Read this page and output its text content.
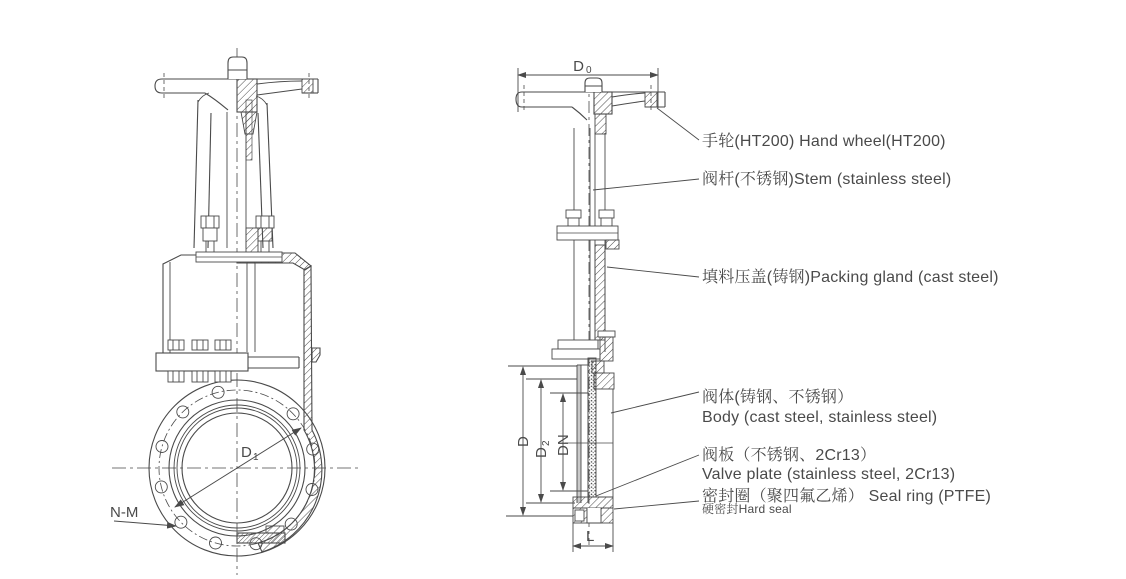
D 0
D 1
N-M
D
D
2 DN
L
手轮(HT200) Hand wheel(HT200)
阀杆(不锈钢)Stem (stainless steel)
填料压盖(铸钢)Packing gland (cast steel)
阀体(铸钢、不锈钢）
Body (cast steel, stainless steel)
阀板（不锈钢、2Cr13）
Valve plate (stainless steel, 2Cr13)
密封圈（聚四氟乙烯） Seal ring (PTFE)
硬密封Hard seal
